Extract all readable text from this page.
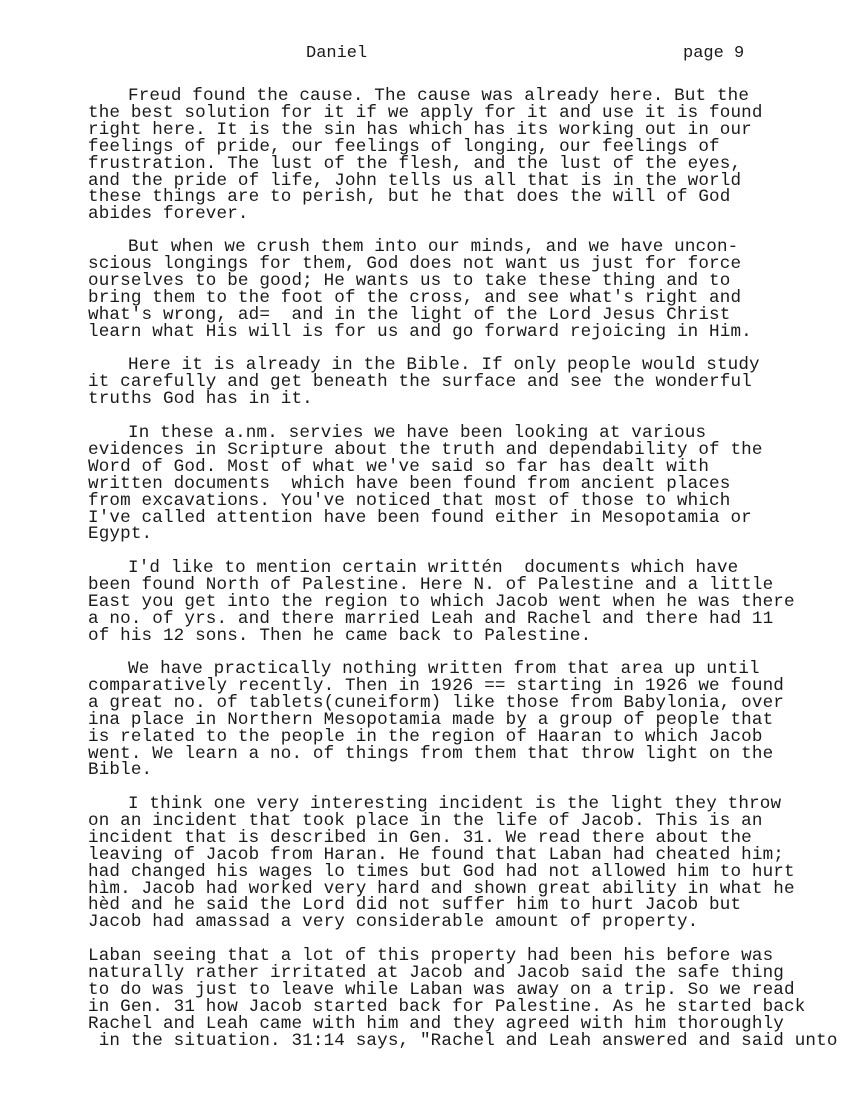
Daniel	page 9
Freud found the cause. The cause was already here. But the
the best solution for it if we apply for it and use it is found
right here. It is the sin has which has its working out in our
feelings of pride, our feelings of longing, our feelings of
frustration. The lust of the flesh, and the lust of the eyes,
and the pride of life, John tells us all that is in the world
these things are to perish, but he that does the will of God
abides forever.
But when we crush them into our minds, and we have uncon-
scious longings for them, God does not want us just for force
ourselves to be good; He wants us to take these thing and to
bring them to the foot of the cross, and see what's right and
what's wrong, ad=  and in the light of the Lord Jesus Christ
learn what His will is for us and go forward rejoicing in Him.
Here it is already in the Bible. If only people would study
it carefully and get beneath the surface and see the wonderful
truths God has in it.
In these a.nm. servies we have been looking at various
evidences in Scripture about the truth and dependability of the
Word of God. Most of what we've said so far has dealt with
written documents  which have been found from ancient places
from excavations. You've noticed that most of those to which
I've called attention have been found either in Mesopotamia or
Egypt.
I'd like to mention certain writtén  documents which have
been found North of Palestine. Here N. of Palestine and a little
East you get into the region to which Jacob went when he was there
a no. of yrs. and there married Leah and Rachel and there had 11
of his 12 sons. Then he came back to Palestine.
We have practically nothing written from that area up until
comparatively recently. Then in 1926 == starting in 1926 we found
a great no. of tablets(cuneiform) like those from Babylonia, over
ina place in Northern Mesopotamia made by a group of people that
is related to the people in the region of Haaran to which Jacob
went. We learn a no. of things from them that throw light on the
Bible.
I think one very interesting incident is the light they throw
on an incident that took place in the life of Jacob. This is an
incident that is described in Gen. 31. We read there about the
leaving of Jacob from Haran. He found that Laban had cheated him;
had changed his wages lo times but God had not allowed him to hurt
hìm. Jacob had worked very hard and shown great ability in what he
hèd and he said the Lord did not suffer him to hurt Jacob but
Jacob had amassad a very considerable amount of property.
Laban seeing that a lot of this property had been his before was
naturally rather irritated at Jacob and Jacob said the safe thing
to do was just to leave while Laban was away on a trip. So we read
in Gen. 31 how Jacob started back for Palestine. As he started back
Rachel and Leah came with him and they agreed with him thoroughly
in the situation. 31:14 says, "Rachel and Leah answered and said unto
